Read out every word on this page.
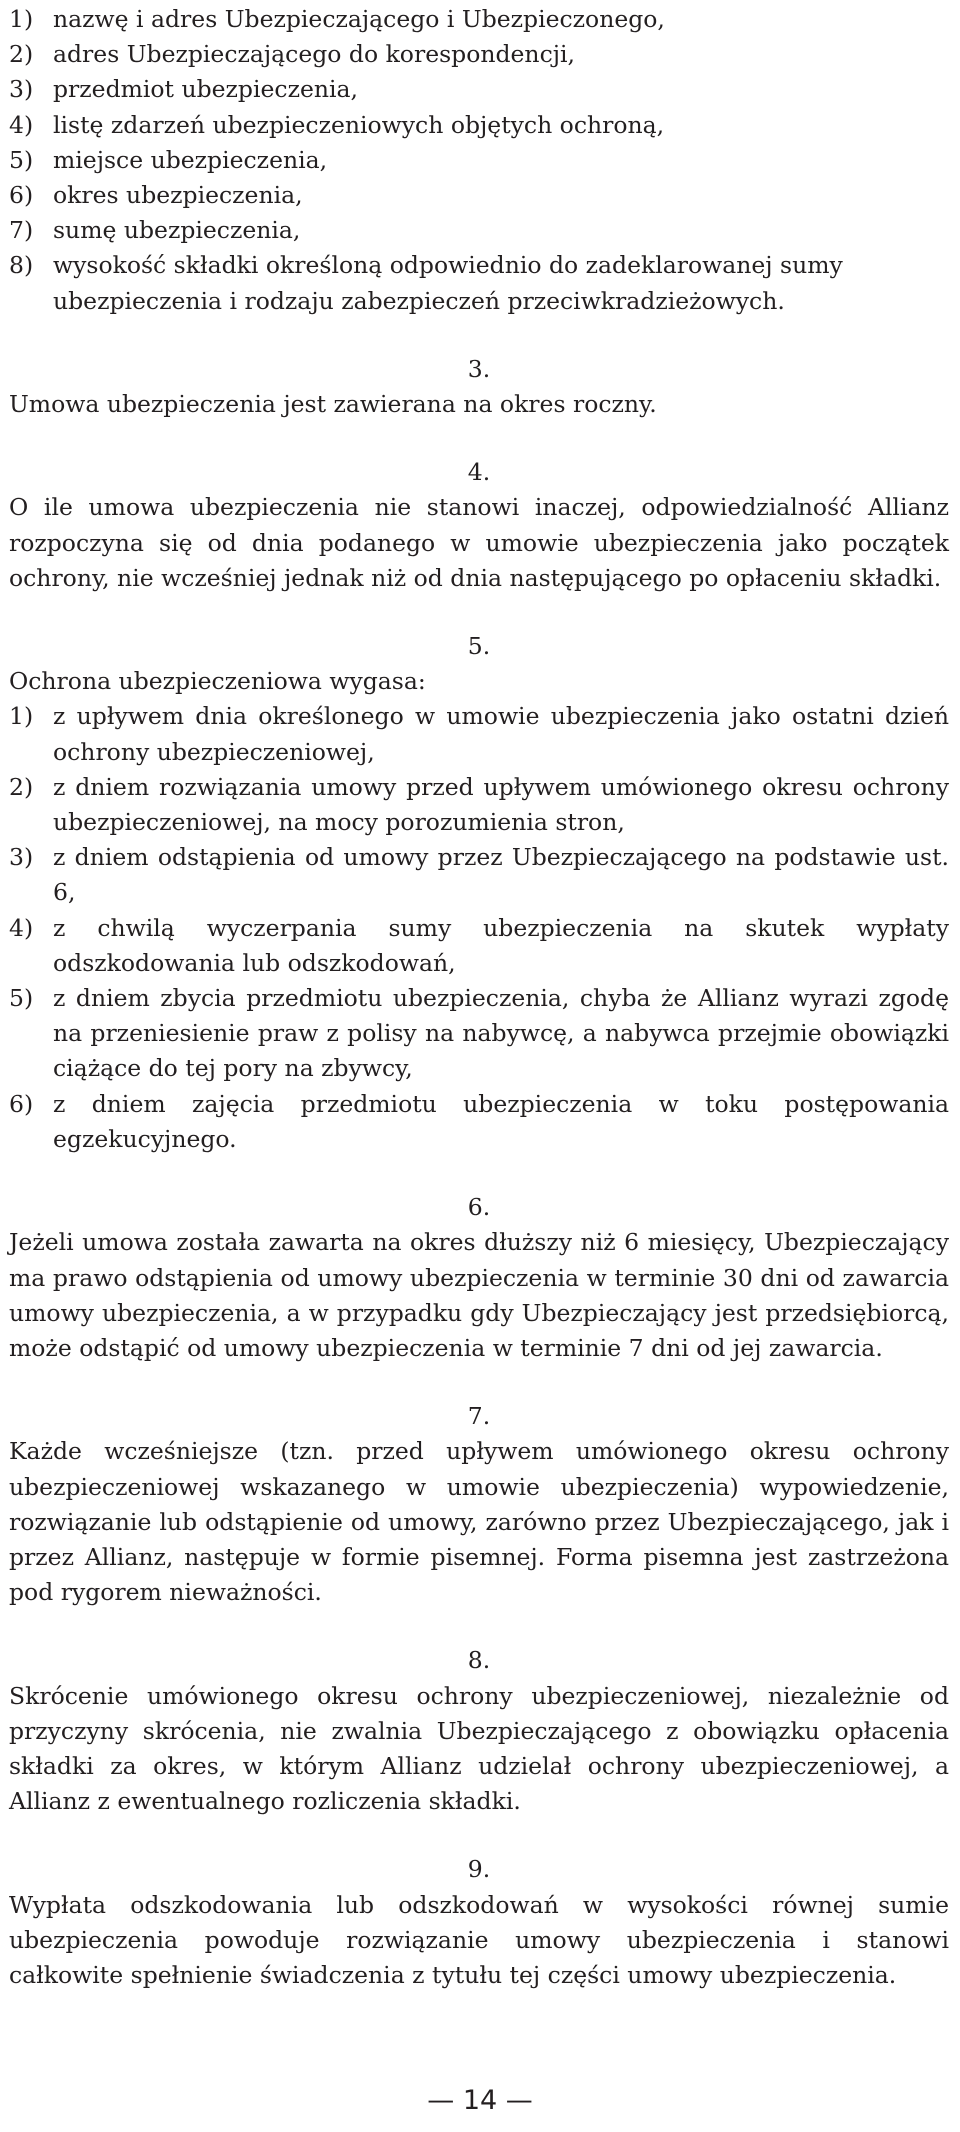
1) nazwę i adres Ubezpieczającego i Ubezpieczonego,
2) adres Ubezpieczającego do korespondencji,
3) przedmiot ubezpieczenia,
4) listę zdarzeń ubezpieczeniowych objętych ochroną,
5) miejsce ubezpieczenia,
6) okres ubezpieczenia,
7) sumę ubezpieczenia,
8) wysokość składki określoną odpowiednio do zadeklarowanej sumy ubezpieczenia i rodzaju zabezpieczeń przeciwkradzieżowych.

3.

Umowa ubezpieczenia jest zawierana na okres roczny.

4.

O ile umowa ubezpieczenia nie stanowi inaczej, odpowiedzialność Allianz rozpoczyna się od dnia podanego w umowie ubezpieczenia jako początek ochrony, nie wcześniej jednak niż od dnia następującego po opłaceniu składki.

5.

Ochrona ubezpieczeniowa wygasa:

1) z upływem dnia określonego w umowie ubezpieczenia jako ostatni dzień ochrony ubezpieczeniowej,
2) z dniem rozwiązania umowy przed upływem umówionego okresu ochrony ubezpieczeniowej, na mocy porozumienia stron,
3) z dniem odstąpienia od umowy przez Ubezpieczającego na podstawie ust. 6,
4) z chwilą wyczerpania sumy ubezpieczenia na skutek wypłaty odszkodowania lub odszkodowań,
5) z dniem zbycia przedmiotu ubezpieczenia, chyba że Allianz wyrazi zgodę na przeniesienie praw z polisy na nabywcę, a nabywca przejmie obowiązki ciążące do tej pory na zbywcy,
6) z dniem zajęcia przedmiotu ubezpieczenia w toku postępowania egzekucyjnego.

6.

Jeżeli umowa została zawarta na okres dłuższy niż 6 miesięcy, Ubezpieczający ma prawo odstąpienia od umowy ubezpieczenia w terminie 30 dni od zawarcia umowy ubezpieczenia, a w przypadku gdy Ubezpieczający jest przedsiębiorcą, może odstąpić od umowy ubezpieczenia w terminie 7 dni od jej zawarcia.

7.

Każde wcześniejsze (tzn. przed upływem umówionego okresu ochrony ubezpieczeniowej wskazanego w umowie ubezpieczenia) wypowiedzenie, rozwiązanie lub odstąpienie od umowy, zarówno przez Ubezpieczającego, jak i przez Allianz, następuje w formie pisemnej. Forma pisemna jest zastrzeżona pod rygorem nieważności.

8.

Skrócenie umówionego okresu ochrony ubezpieczeniowej, niezależnie od przyczyny skrócenia, nie zwalnia Ubezpieczającego z obowiązku opłacenia składki za okres, w którym Allianz udzielał ochrony ubezpieczeniowej, a Allianz z ewentualnego rozliczenia składki.

9.

Wypłata odszkodowania lub odszkodowań w wysokości równej sumie ubezpieczenia powoduje rozwiązanie umowy ubezpieczenia i stanowi całkowite spełnienie świadczenia z tytułu tej części umowy ubezpieczenia.

— 14 —
